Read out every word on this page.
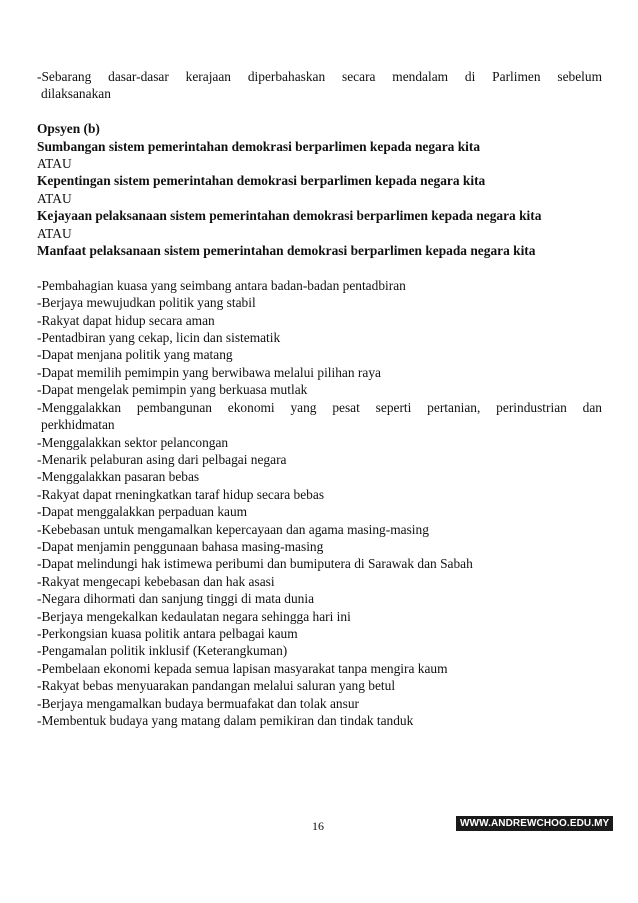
-Sebarang dasar-dasar kerajaan diperbahaskan secara mendalam di Parlimen sebelum
dilaksanakan
Opsyen (b)
Sumbangan sistem pemerintahan demokrasi berparlimen kepada negara kita
ATAU
Kepentingan sistem pemerintahan demokrasi berparlimen kepada negara kita
ATAU
Kejayaan pelaksanaan sistem pemerintahan demokrasi berparlimen kepada negara kita
ATAU
Manfaat pelaksanaan sistem pemerintahan demokrasi berparlimen kepada negara kita
-Pembahagian kuasa yang seimbang antara badan-badan pentadbiran
-Berjaya mewujudkan politik yang stabil
-Rakyat dapat hidup secara aman
-Pentadbiran yang cekap, licin dan sistematik
-Dapat menjana politik yang matang
-Dapat memilih pemimpin yang berwibawa melalui pilihan raya
-Dapat mengelak pemimpin yang berkuasa mutlak
-Menggalakkan pembangunan ekonomi yang pesat seperti pertanian, perindustrian dan
perkhidmatan
-Menggalakkan sektor pelancongan
-Menarik pelaburan asing dari pelbagai negara
-Menggalakkan pasaran bebas
-Rakyat dapat rneningkatkan taraf hidup secara bebas
-Dapat menggalakkan perpaduan kaum
-Kebebasan untuk mengamalkan kepercayaan dan agama masing-masing
-Dapat menjamin penggunaan bahasa masing-masing
-Dapat melindungi hak istimewa peribumi dan bumiputera di Sarawak dan Sabah
-Rakyat mengecapi kebebasan dan hak asasi
-Negara dihormati dan sanjung tinggi di mata dunia
-Berjaya mengekalkan kedaulatan negara sehingga hari ini
-Perkongsian kuasa politik antara pelbagai kaum
-Pengamalan politik inklusif (Keterangkuman)
-Pembelaan ekonomi kepada semua lapisan masyarakat tanpa mengira kaum
-Rakyat bebas menyuarakan pandangan melalui saluran yang betul
-Berjaya mengamalkan budaya bermuafakat dan tolak ansur
-Membentuk budaya yang matang dalam pemikiran dan tindak tanduk
16	WWW.ANDREWCHOO.EDU.MY
